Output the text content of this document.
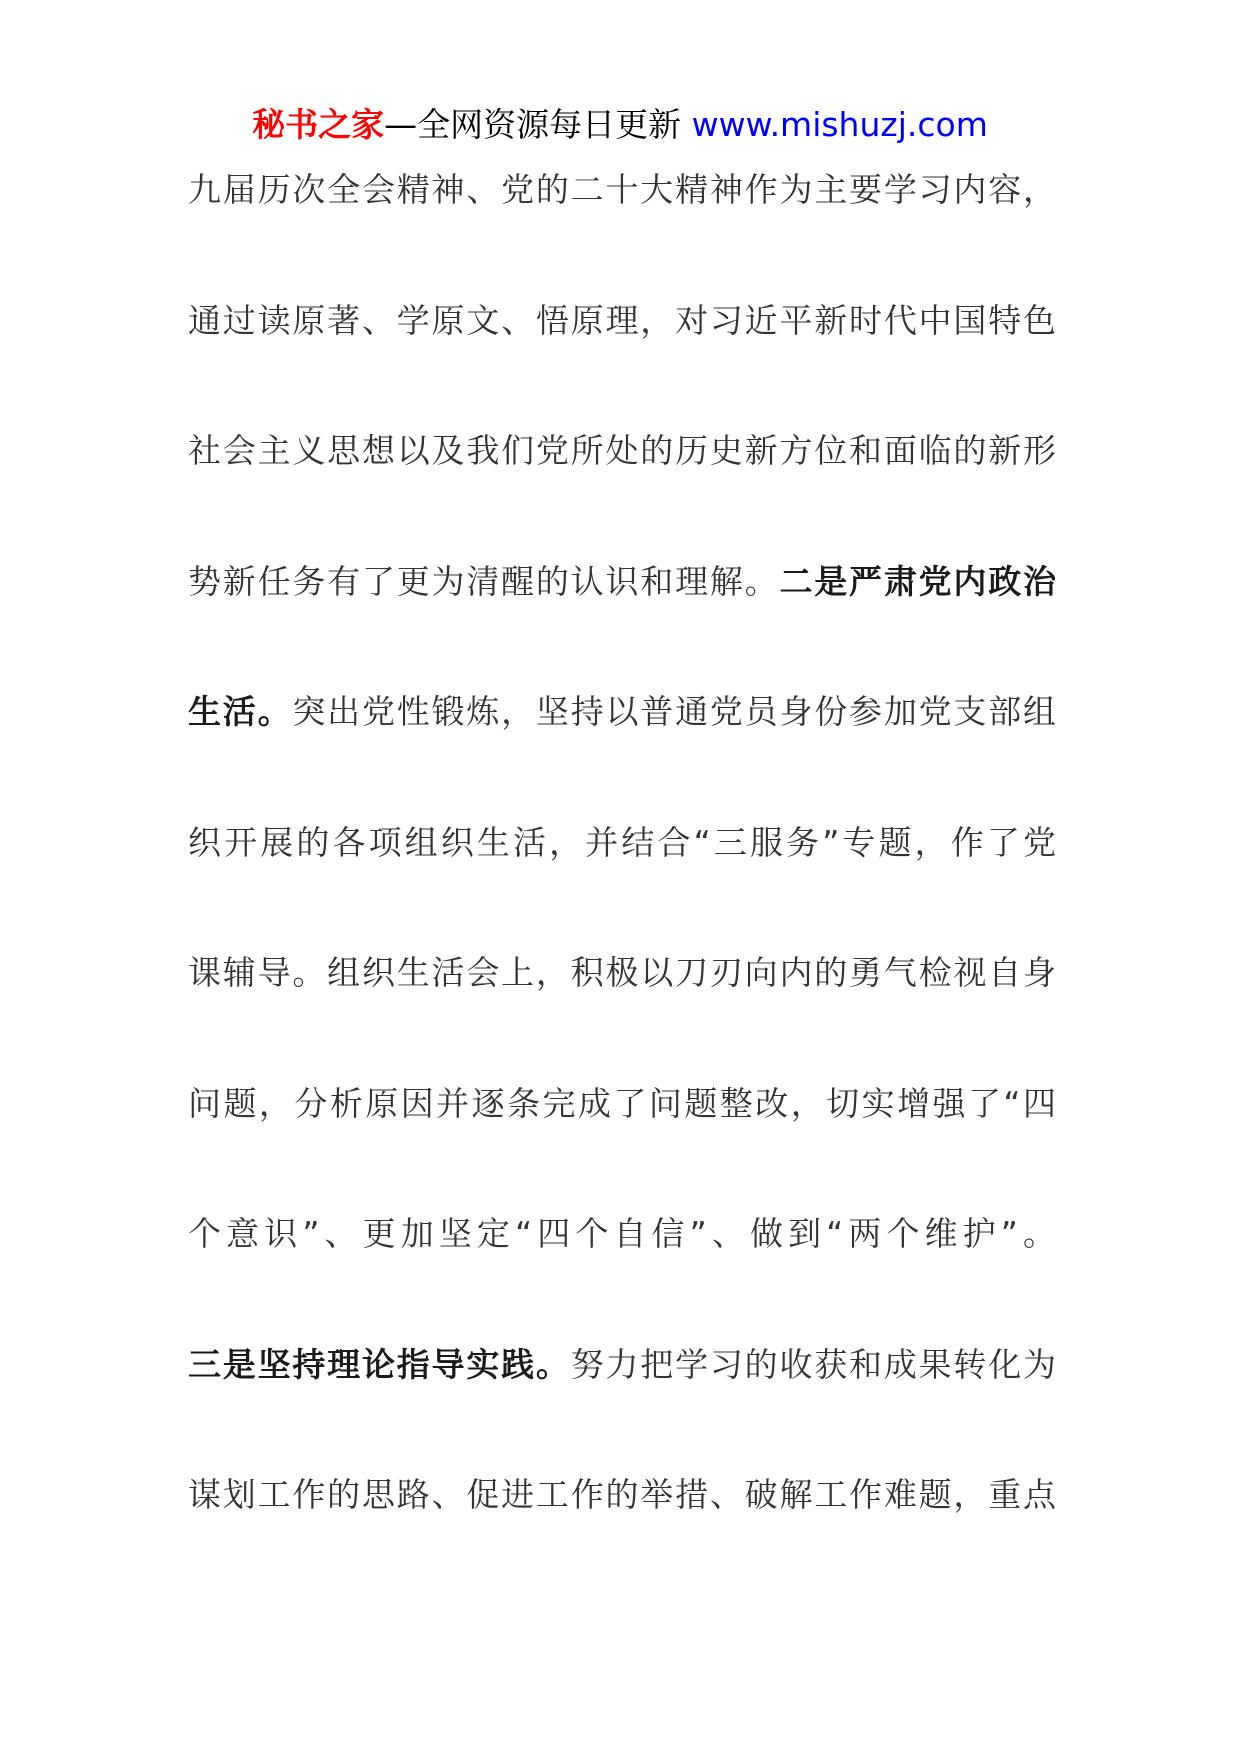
秘书之家—全网资源每日更新 www.mishuzj.com
九届历次全会精神、党的二十大精神作为主要学习内容，
通过读原著、学原文、悟原理，对习近平新时代中国特色
社会主义思想以及我们党所处的历史新方位和面临的新形
势新任务有了更为清醒的认识和理解。二是严肃党内政治
生活。突出党性锻炼，坚持以普通党员身份参加党支部组
织开展的各项组织生活，并结合“三服务”专题，作了党
课辅导。组织生活会上，积极以刀刃向内的勇气检视自身
问题，分析原因并逐条完成了问题整改，切实增强了“四
个意识”、更加坚定“四个自信”、做到“两个维护”。
三是坚持理论指导实践。努力把学习的收获和成果转化为
谋划工作的思路、促进工作的举措、破解工作难题，重点
